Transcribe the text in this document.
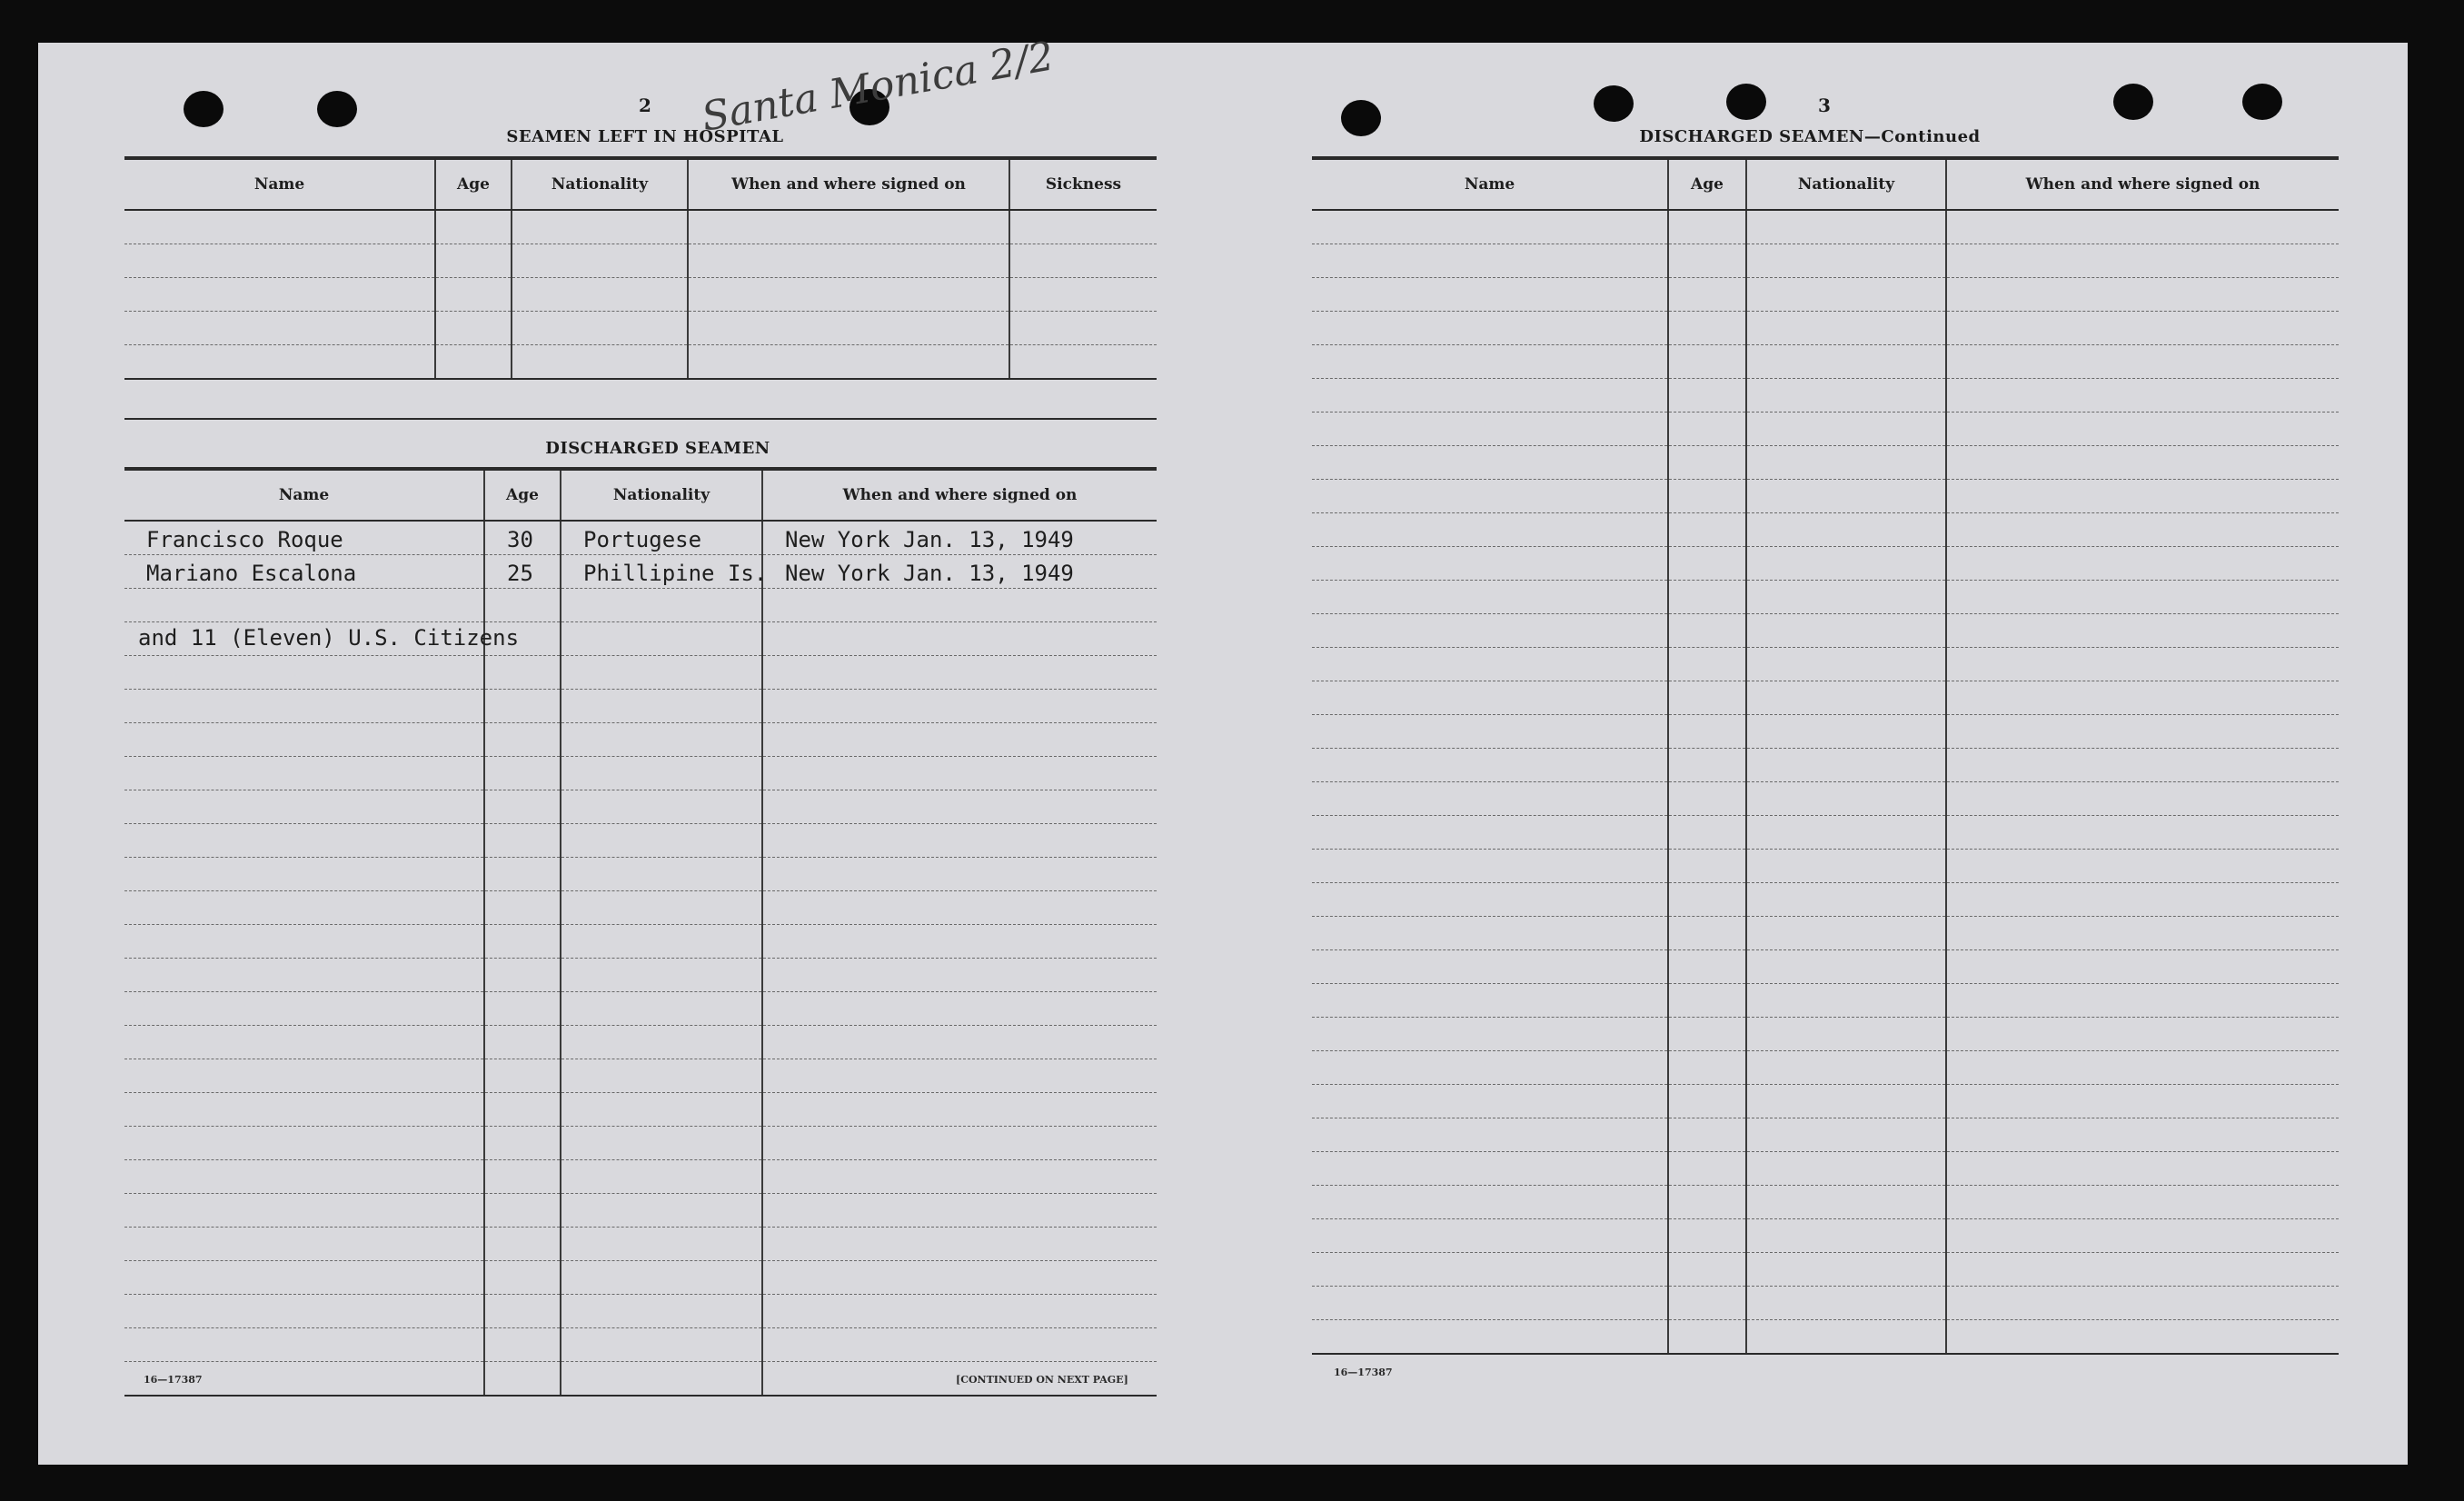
Santa Monica 2/2
2
SEAMEN LEFT IN HOSPITAL
Name	Age	Nationality	When and where signed on	Sickness

DISCHARGED SEAMEN
Name	Age	Nationality	When and where signed on
Francisco Roque	30	Portugese	New York Jan. 13, 1949
Mariano Escalona	25	Phillipine Is.	New York Jan. 13, 1949

and 11 (Eleven) U.S. Citizens
16—17387	[CONTINUED ON NEXT PAGE]
3
DISCHARGED SEAMEN—Continued
Name	Age	Nationality	When and where signed on

16—17387
